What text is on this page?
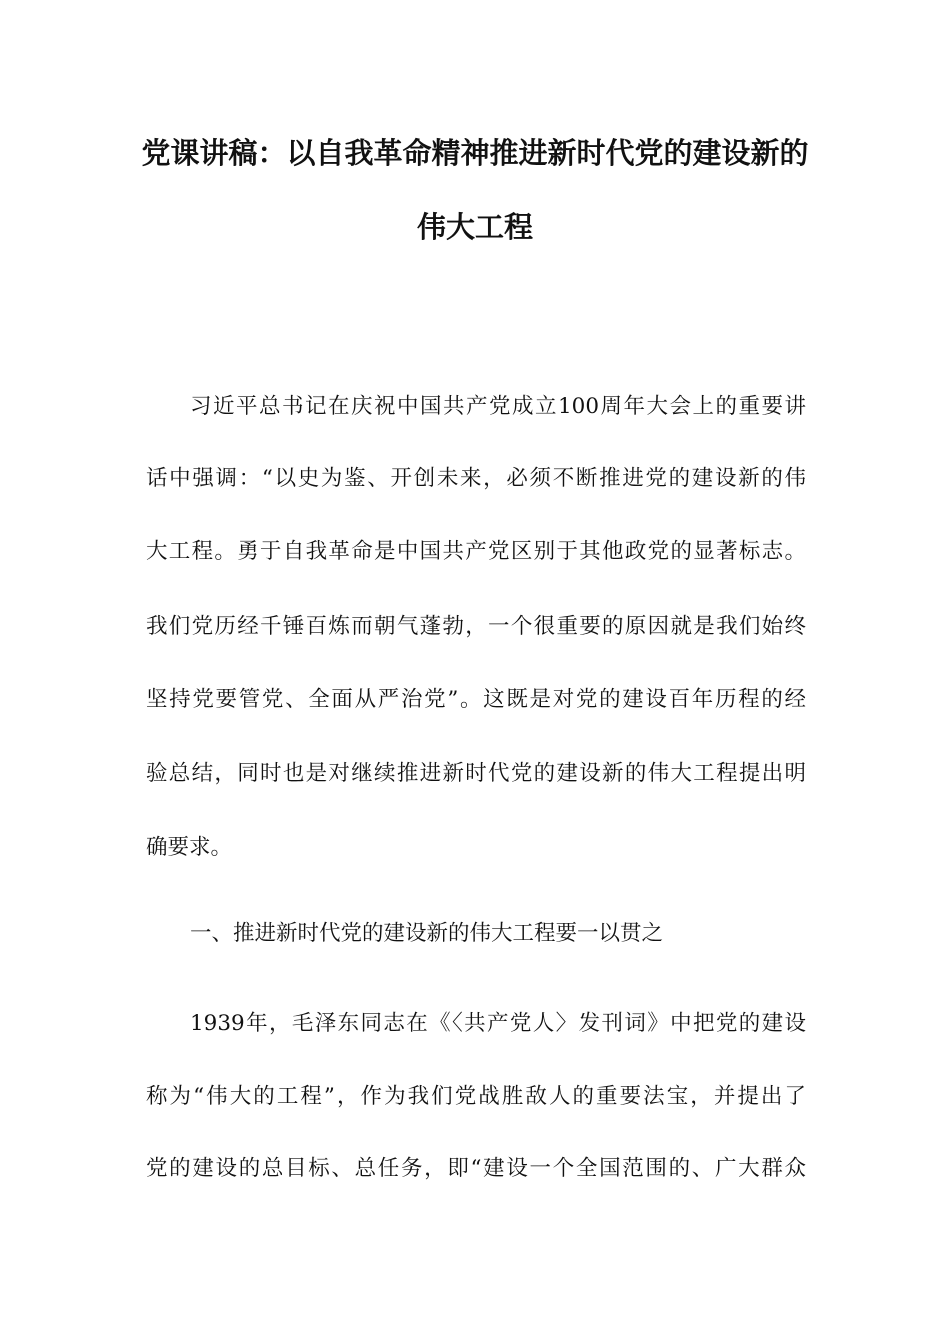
党课讲稿：以自我革命精神推进新时代党的建设新的
伟大工程

习近平总书记在庆祝中国共产党成立100周年大会上的重要讲

话中强调：“以史为鉴、开创未来，必须不断推进党的建设新的伟

大工程。勇于自我革命是中国共产党区别于其他政党的显著标志。

我们党历经千锤百炼而朝气蓬勃，一个很重要的原因就是我们始终

坚持党要管党、全面从严治党”。这既是对党的建设百年历程的经

验总结，同时也是对继续推进新时代党的建设新的伟大工程提出明

确要求。

一、推进新时代党的建设新的伟大工程要一以贯之

1939年，毛泽东同志在《〈共产党人〉发刊词》中把党的建设

称为“伟大的工程”，作为我们党战胜敌人的重要法宝，并提出了

党的建设的总目标、总任务，即“建设一个全国范围的、广大群众
